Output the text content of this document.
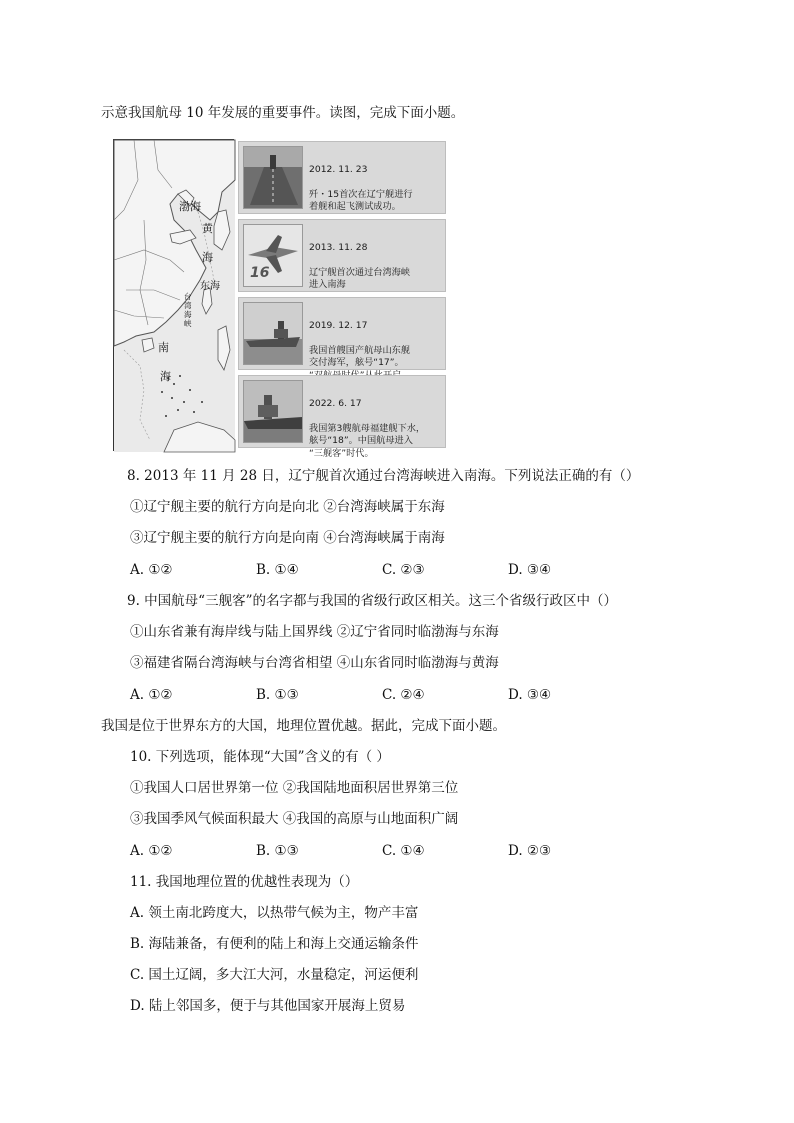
示意我国航母 10 年发展的重要事件。读图，完成下面小题。
渤海
黄
海
东海
台湾海峡
南
海

2012. 11. 23

歼・15首次在辽宁舰进行
着舰和起飞测试成功。

16

2013. 11. 28

辽宁舰首次通过台湾海峡
进入南海

2019. 12. 17

我国首艘国产航母山东舰
交付海军，舷号“17”。

2022. 6. 17

我国第3艘航母福建舰下水，
舷号“18”。中国航母进入
“三舰客”时代。

8. 2013 年 11 月 28 日，辽宁舰首次通过台湾海峡进入南海。下列说法正确的有（）
①辽宁舰主要的航行方向是向北 ②台湾海峡属于东海
③辽宁舰主要的航行方向是向南 ④台湾海峡属于南海
A. ①②	B. ①④	C. ②③	D. ③④
9. 中国航母“三舰客”的名字都与我国的省级行政区相关。这三个省级行政区中（）
①山东省兼有海岸线与陆上国界线 ②辽宁省同时临渤海与东海
③福建省隔台湾海峡与台湾省相望 ④山东省同时临渤海与黄海
A. ①②	B. ①③	C. ②④	D. ③④
我国是位于世界东方的大国，地理位置优越。据此，完成下面小题。
10. 下列选项，能体现“大国”含义的有（ ）
①我国人口居世界第一位 ②我国陆地面积居世界第三位
③我国季风气候面积最大 ④我国的高原与山地面积广阔
A. ①②	B. ①③	C. ①④	D. ②③
11. 我国地理位置的优越性表现为（）
A. 领土南北跨度大，以热带气候为主，物产丰富
B. 海陆兼备，有便利的陆上和海上交通运输条件
C. 国土辽阔，多大江大河，水量稳定，河运便利
D. 陆上邻国多，便于与其他国家开展海上贸易
